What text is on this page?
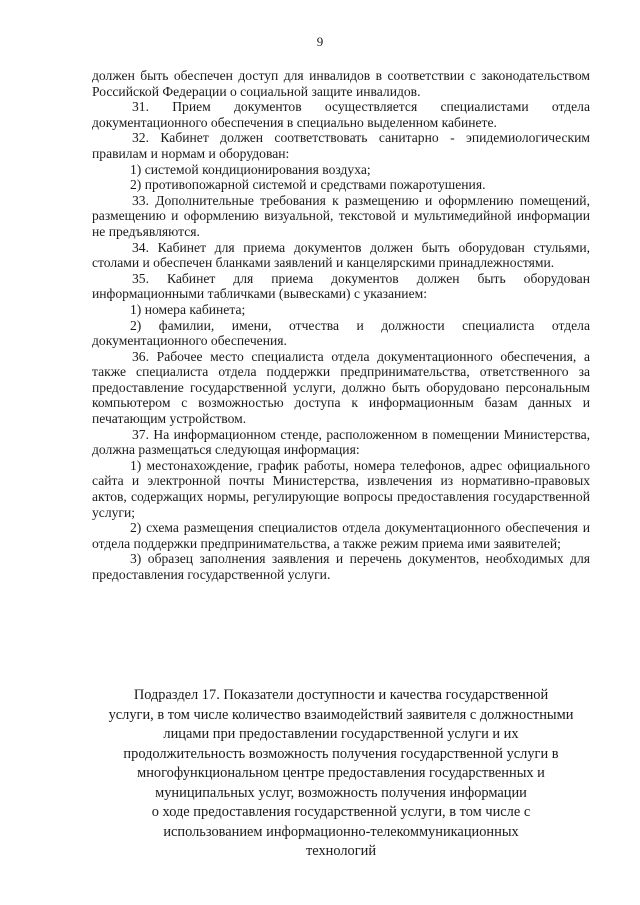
9

должен быть обеспечен доступ для инвалидов в соответствии с законодательством Российской Федерации о социальной защите инвалидов.

31. Прием документов осуществляется специалистами отдела документационного обеспечения в специально выделенном кабинете.

32. Кабинет должен соответствовать санитарно - эпидемиологическим правилам и нормам и оборудован:

1) системой кондиционирования воздуха;

2) противопожарной системой и средствами пожаротушения.

33. Дополнительные требования к размещению и оформлению помещений, размещению и оформлению визуальной, текстовой и мультимедийной информации не предъявляются.

34. Кабинет для приема документов должен быть оборудован стульями, столами и обеспечен бланками заявлений и канцелярскими принадлежностями.

35. Кабинет для приема документов должен быть оборудован информационными табличками (вывесками) с указанием:

1) номера кабинета;

2) фамилии, имени, отчества и должности специалиста отдела документационного обеспечения.

36. Рабочее место специалиста отдела документационного обеспечения, а также специалиста отдела поддержки предпринимательства, ответственного за предоставление государственной услуги, должно быть оборудовано персональным компьютером с возможностью доступа к информационным базам данных и печатающим устройством.

37. На информационном стенде, расположенном в помещении Министерства, должна размещаться следующая информация:

1) местонахождение, график работы, номера телефонов, адрес официального сайта и электронной почты Министерства, извлечения из нормативно-правовых актов, содержащих нормы, регулирующие вопросы предоставления государственной услуги;

2) схема размещения специалистов отдела документационного обеспечения и отдела поддержки предпринимательства, а также режим приема ими заявителей;

3) образец заполнения заявления и перечень документов, необходимых для предоставления государственной услуги.

Подраздел 17. Показатели доступности и качества государственной
услуги, в том числе количество взаимодействий заявителя с должностными
лицами при предоставлении государственной услуги и их
продолжительность возможность получения государственной услуги в
многофункциональном центре предоставления государственных и
муниципальных услуг, возможность получения информации
о ходе предоставления государственной услуги, в том числе с
использованием информационно-телекоммуникационных
технологий
